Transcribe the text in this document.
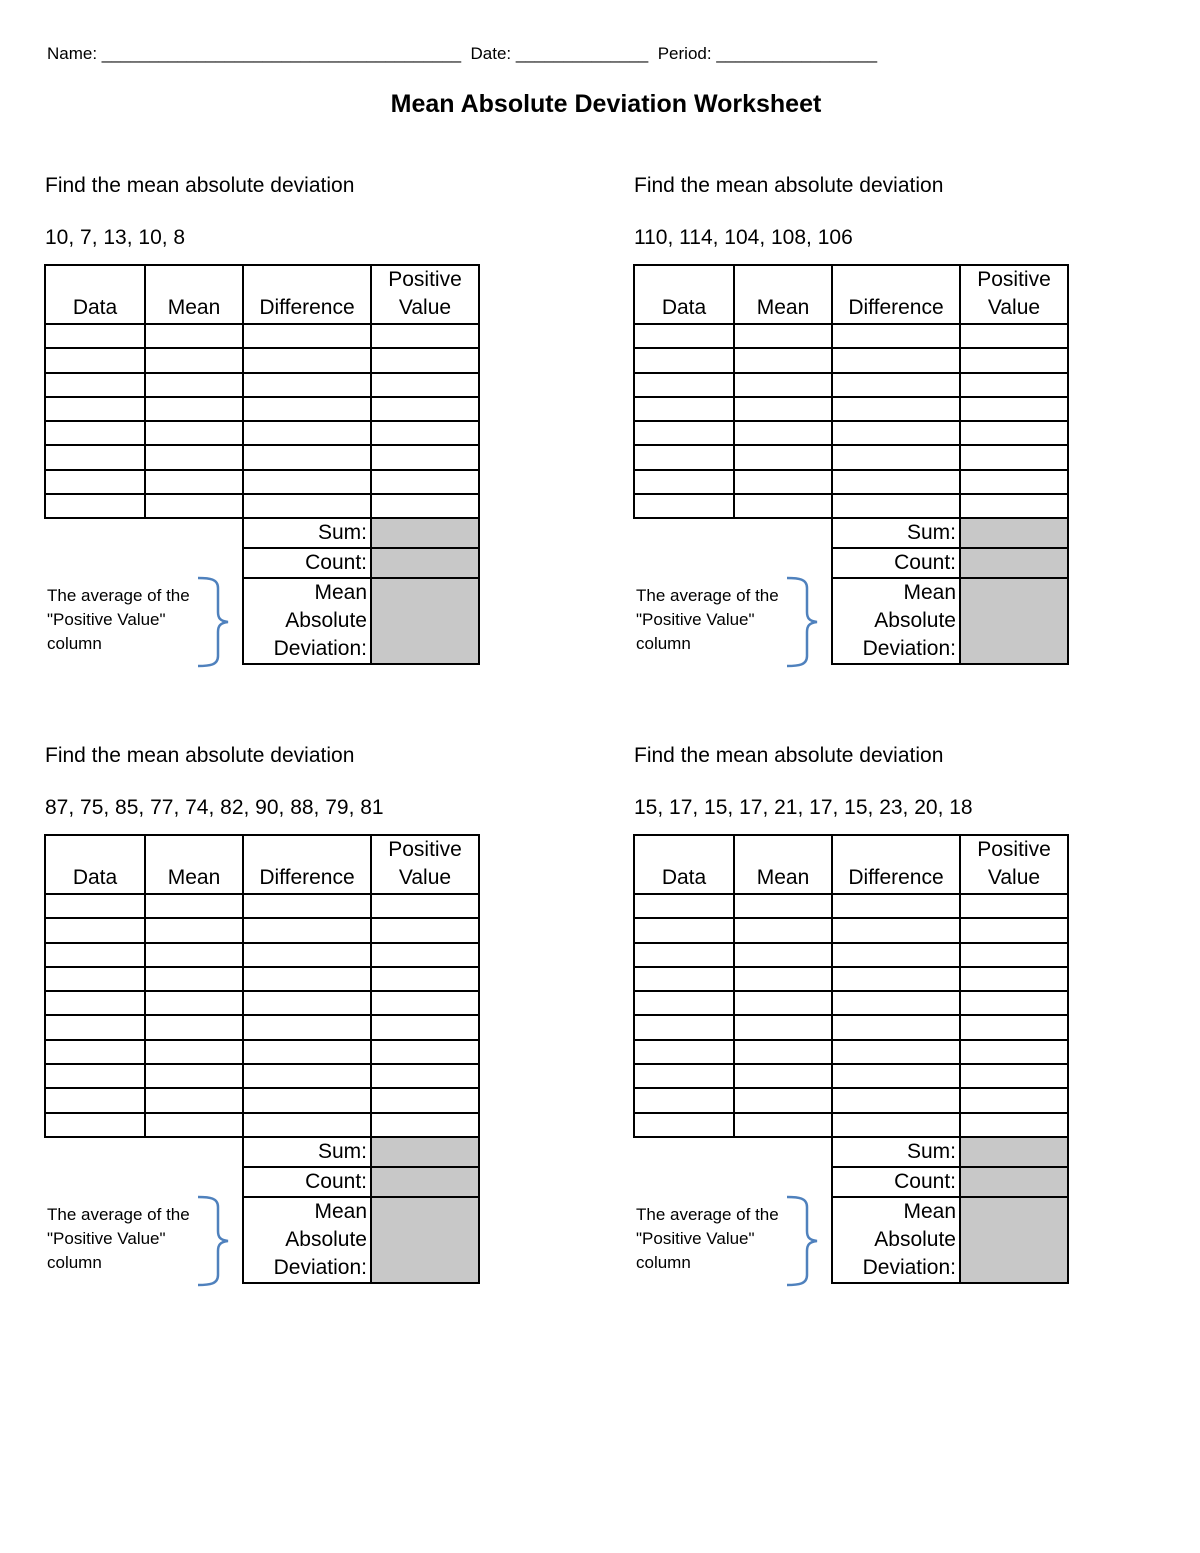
Name: ______________________________________  Date: ______________  Period: _________________
Mean Absolute Deviation Worksheet
Find the mean absolute deviation
10, 7, 13, 10, 8
Data	Mean	Difference	Positive
Value

		Sum:	
		Count:	

		Mean
Absolute
Deviation:	

The average of the
"Positive Value"
column
Find the mean absolute deviation
110, 114, 104, 108, 106
Data	Mean	Difference	Positive
Value

		Sum:	
		Count:	

		Mean
Absolute
Deviation:	

The average of the
"Positive Value"
column
Find the mean absolute deviation
87, 75, 85, 77, 74, 82, 90, 88, 79, 81
Data	Mean	Difference	Positive
Value

		Sum:	
		Count:	

		Mean
Absolute
Deviation:	

The average of the
"Positive Value"
column
Find the mean absolute deviation
15, 17, 15, 17, 21, 17, 15, 23, 20, 18
Data	Mean	Difference	Positive
Value

		Sum:	
		Count:	

		Mean
Absolute
Deviation:	

The average of the
"Positive Value"
column
